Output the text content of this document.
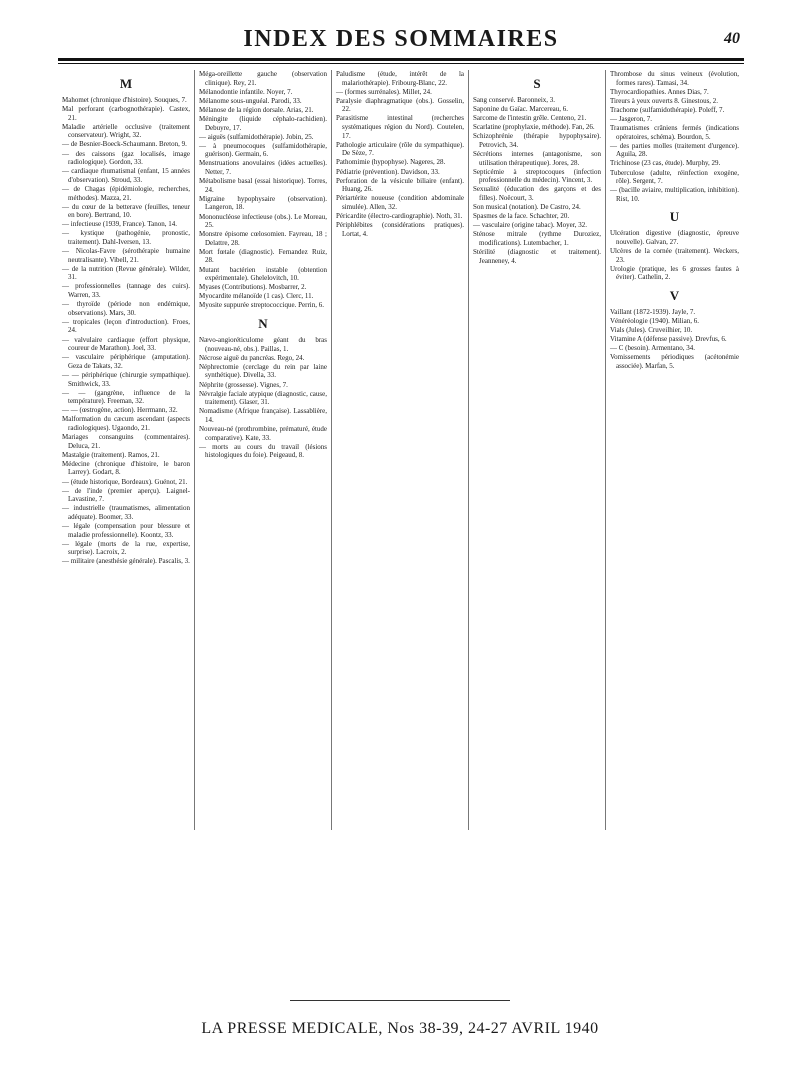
INDEX DES SOMMAIRES	40
M
Mahomet (chronique d'histoire). Souques, 7.
Mal perforant (carbognothérapie). Castex, 21.
Maladie artérielle occlusive (traitement conservateur). Wright, 32.
— de Besnier-Boeck-Schaumann. Breton, 9.
— des caissons (gaz localisés, image radiologique). Gordon, 33.
— cardiaque rhumatismal (enfant, 15 années d'observation). Stroud, 33.
— de Chagas (épidémiologie, recherches, méthodes). Mazza, 21.
— du cœur de la betterave (feuilles, teneur en bore). Bertrand, 10.
— infectieuse (1939, France). Tanon, 14.
— kystique (pathogénie, pronostic, traitement). Dahl-Iversen, 13.
— Nicolas-Favre (sérothérapie humaine neutralisante). Vibell, 21.
— de la nutrition (Revue générale). Wilder, 31.
— professionnelles (tannage des cuirs). Warren, 33.
— thyroïde (période non endémique, observations). Mars, 30.
— tropicales (leçon d'introduction). Froes, 24.
— valvulaire cardiaque (effort physique, coureur de Marathon). Joel, 33.
— vasculaire périphérique (amputation). Geza de Takats, 32.
— — périphérique (chirurgie sympathique). Smithwick, 33.
— — (gangrène, influence de la température). Freeman, 32.
— — (œstrogène, action). Herrmann, 32.
Malformation du cæcum ascendant (aspects radiologiques). Ugaondo, 21.
Mariages consanguins (commentaires). Deluca, 21.
Mastalgie (traitement). Ramos, 21.
Médecine (chronique d'histoire, le baron Larrey). Godart, 8.
— (étude historique, Bordeaux). Guénot, 21.
— de l'inde (premier aperçu). Laignel-Lavastine, 7.
— industrielle (traumatismes, alimentation adéquate). Boomer, 33.
— légale (compensation pour blessure et maladie professionnelle). Koontz, 33.
— légale (morts de la rue, expertise, surprise). Lacroix, 2.
— militaire (anesthésie générale). Pascalis, 3.
Méga-oreillette gauche (observation clinique). Rey, 21.
Mélanodontie infantile. Noyer, 7.
Mélanome sous-unguéal. Parodi, 33.
Mélanose de la région dorsale. Arias, 21.
Méningite (liquide céphalo-rachidien). Debuyre, 17.
— aiguës (sulfamidothérapie). Jobin, 25.
— à pneumocoques (sulfamidothérapie, guérison). Germain, 6.
Menstruations anovulaires (idées actuelles). Netter, 7.
Métabolisme basal (essai historique). Torres, 24.
Migraine hypophysaire (observation). Langeron, 18.
Mononucléose infectieuse (obs.). Le Moreau, 25.
Monstre épisome cœlosomien. Fayreau, 18 ; Delattre, 28.
Mort fœtale (diagnostic). Fernandez Ruiz, 28.
Mutant bactérien instable (obtention expérimentale). Ghelelovitch, 10.
Myases (Contributions). Mosbarrer, 2.
Myocardite mélanoïde (1 cas). Clerc, 11.
Myosite suppurée streptococcique. Perrin, 6.
N
Nævo-angioréticulome géant du bras (nouveau-né, obs.). Paillas, 1.
Nécrose aiguë du pancréas. Rego, 24.
Néphrectomie (cerclage du rein par laine synthétique). Divella, 33.
Néphrite (grossesse). Vignes, 7.
Névralgie faciale atypique (diagnostic, cause, traitement). Glaser, 31.
Nomadisme (Afrique française). Lassablière, 14.
Nouveau-né (prothrombine, prématuré, étude comparative). Kate, 33.
— morts au cours du travail (lésions histologiques du foie). Peigeaud, 8.
Paludisme (étude, intérêt de la malariothérapie). Fribourg-Blanc, 22.
— (formes surrénales). Millet, 24.
Paralysie diaphragmatique (obs.). Gosselin, 22.
Parasitisme intestinal (recherches systématiques région du Nord). Coutelen, 17.
Pathologie articulaire (rôle du sympathique). De Sèze, 7.
Pathomimie (hypophyse). Nageres, 28.
Pédiatrie (prévention). Davidson, 33.
Perforation de la vésicule biliaire (enfant). Huang, 26.
Périartérite noueuse (condition abdominale simulée). Allen, 32.
Péricardite (électro-cardiographie). Noth, 31.
Périphlébites (considérations pratiques). Lortat, 4.
S
Sang conservé. Baronneix, 3.
Saponine du Gaïac. Marcereau, 6.
Sarcome de l'intestin grêle. Centeno, 21.
Scarlatine (prophylaxie, méthode). Fan, 26.
Schizophrénie (thérapie hypophysaire). Petrovich, 34.
Sécrétions internes (antagonisme, son utilisation thérapeutique). Jores, 28.
Septicémie à streptocoques (infection professionnelle du médecin). Vincent, 3.
Sexualité (éducation des garçons et des filles). Noëcourt, 3.
Son musical (notation). De Castro, 24.
Spasmes de la face. Schachter, 20.
— vasculaire (origine tabac). Moyer, 32.
Sténose mitrale (rythme Duroziez, modifications). Lutembacher, 1.
Stérilité (diagnostic et traitement). Jeanneney, 4.
Thrombose du sinus veineux (évolution, formes rares). Tamasi, 34.
Thyrocardiopathies. Annes Dias, 7.
Tireurs à yeux ouverts 8. Ginestous, 2.
Trachome (sulfamidothérapie). Poleff, 7.
— Jasgeron, 7.
Traumatismes crâniens fermés (indications opératoires, schéma). Bourdon, 5.
— des parties molles (traitement d'urgence). Aguila, 28.
Trichinose (23 cas, étude). Murphy, 29.
Tuberculose (adulte, réinfection exogène, rôle). Sergent, 7.
— (bacille aviaire, multiplication, inhibition). Rist, 10.
U
Ulcération digestive (diagnostic, épreuve nouvelle). Galvan, 27.
Ulcères de la cornée (traitement). Weckers, 23.
Urologie (pratique, les 6 grosses fautes à éviter). Cathelin, 2.
V
Vaillant (1872-1939). Jayle, 7.
Vénéréologie (1940). Milian, 6.
Vials (Jules). Cruveilhier, 10.
Vitamine A (défense passive). Drevfus, 6.
— C (besoin). Armentano, 34.
Vomissements périodiques (acétonémie associée). Marfan, 5.
LA PRESSE MEDICALE, Nos 38-39, 24-27 AVRIL 1940
